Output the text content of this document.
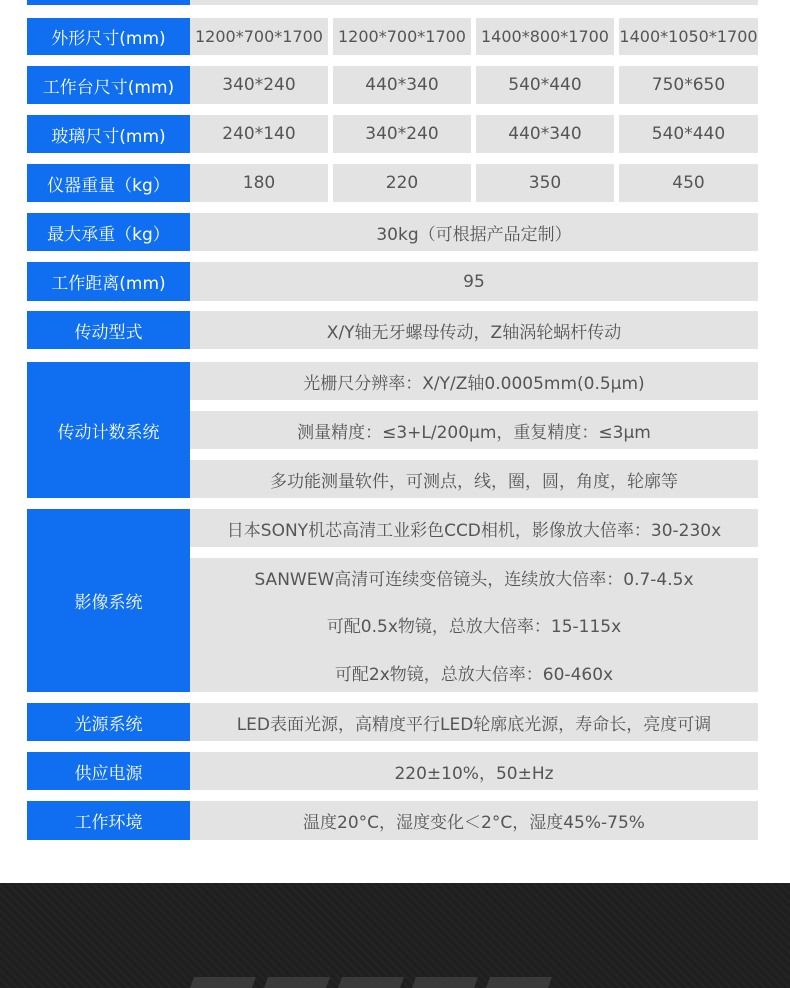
外形尺寸(mm)	1200*700*1700 1200*700*1700 1400*800*1700 1400*1050*1700
工作台尺寸(mm)	340*240	440*340	540*440	750*650
玻璃尺寸(mm)	240*140	340*240	440*340	540*440
仪器重量（kg）	180	220	350	450
最大承重（kg）	30kg（可根据产品定制）
工作距离(mm)	95
传动型式	X/Y轴无牙螺母传动，Z轴涡轮蜗杆传动
传动计数系统
光栅尺分辨率：X/Y/Z轴0.0005mm(0.5μm)
测量精度：≤3+L/200μm，重复精度：≤3μm
多功能测量软件，可测点，线，圈，圆，角度，轮廓等
影像系统
日本SONY机芯高清工业彩色CCD相机，影像放大倍率：30-230x
SANWEW高清可连续变倍镜头，连续放大倍率：0.7-4.5x
可配0.5x物镜，总放大倍率：15-115x
可配2x物镜，总放大倍率：60-460x
光源系统	LED表面光源，高精度平行LED轮廓底光源，寿命长，亮度可调
供应电源	220±10%，50±Hz
工作环境	温度20°C，湿度变化＜2°C，湿度45%-75%
